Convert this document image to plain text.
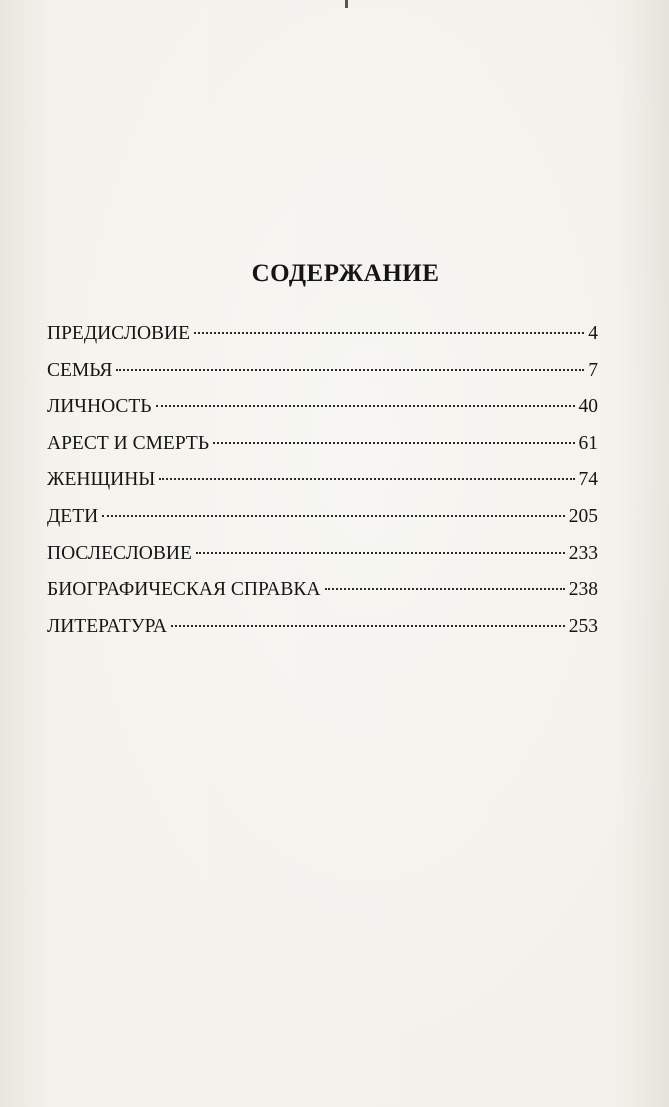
СОДЕРЖАНИЕ
ПРЕДИСЛОВИЕ	4
СЕМЬЯ	7
ЛИЧНОСТЬ	40
АРЕСТ И СМЕРТЬ	61
ЖЕНЩИНЫ	74
ДЕТИ	205
ПОСЛЕСЛОВИЕ	233
БИОГРАФИЧЕСКАЯ СПРАВКА	238
ЛИТЕРАТУРА	253
